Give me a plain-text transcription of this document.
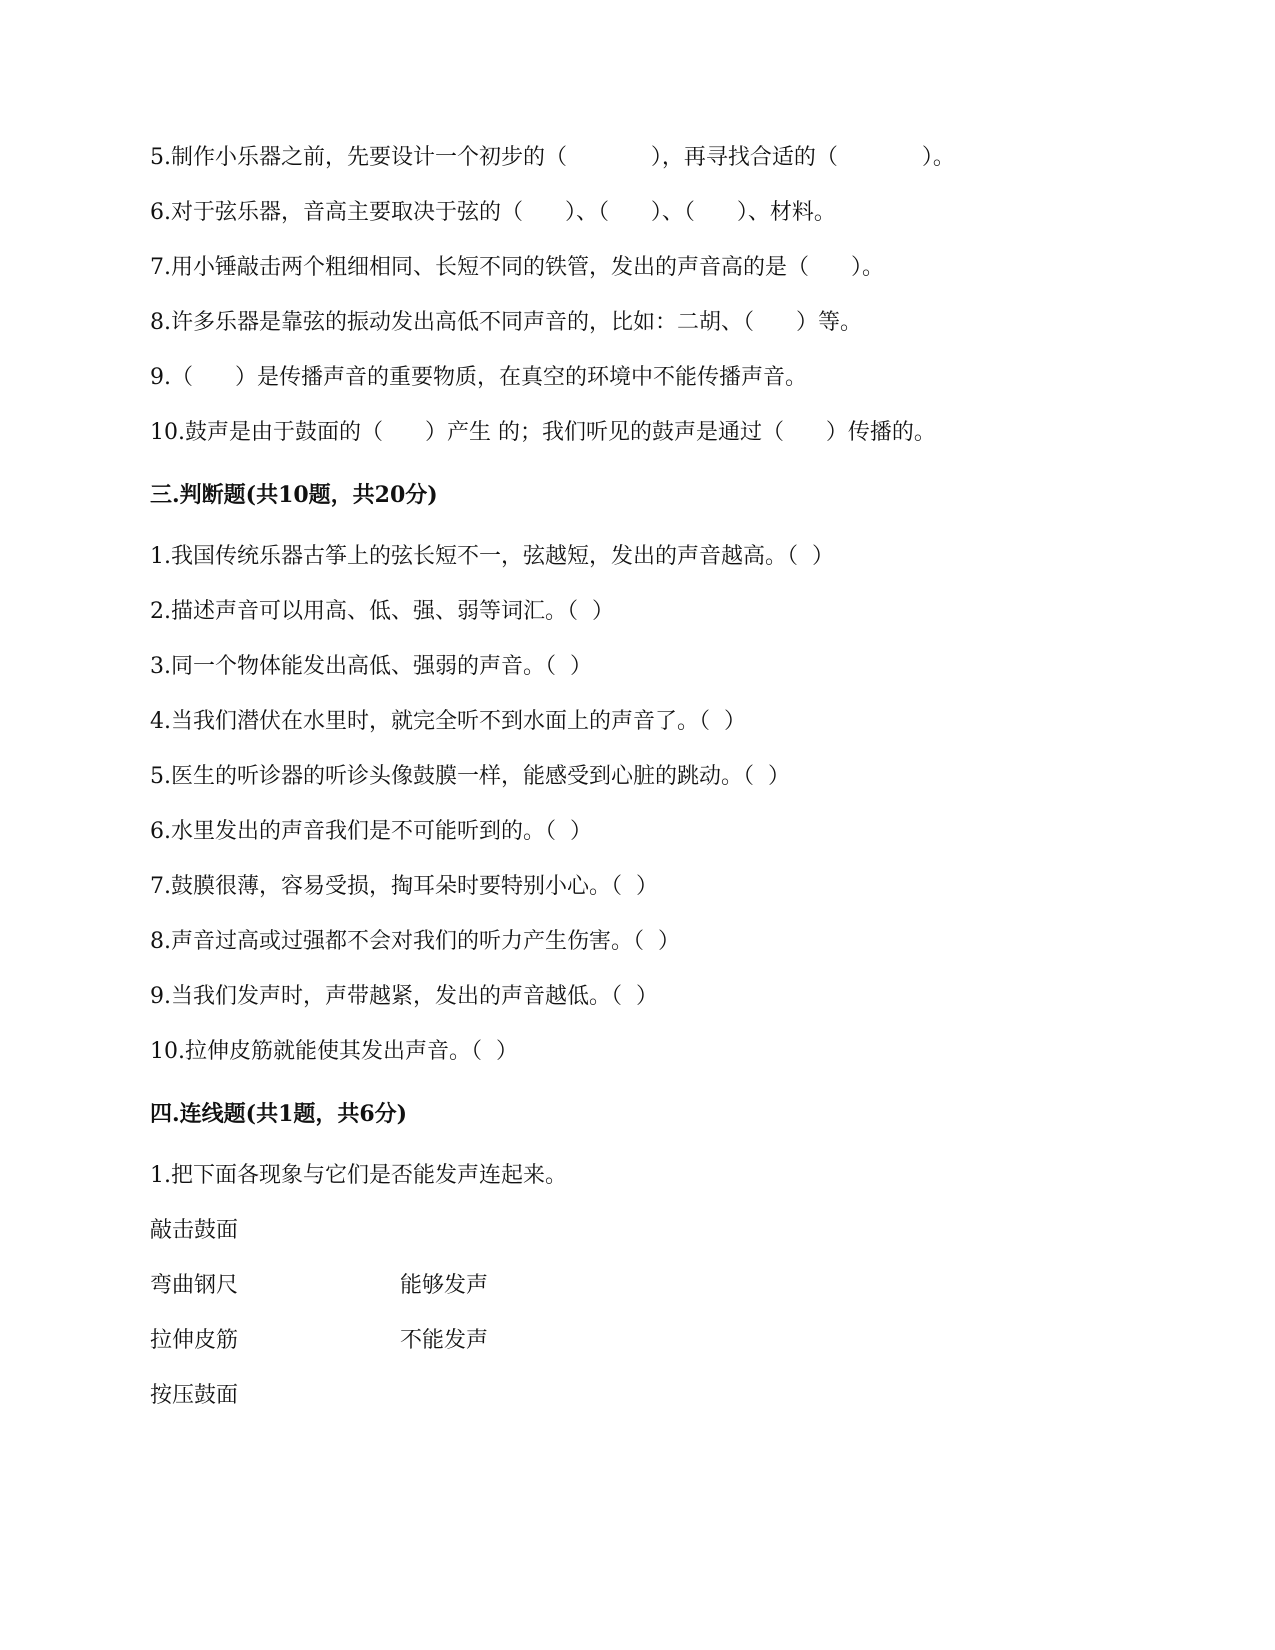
5.制作小乐器之前，先要设计一个初步的（            ），再寻找合适的（            ）。

6.对于弦乐器，音高主要取决于弦的（      ）、（      ）、（      ）、材料。

7.用小锤敲击两个粗细相同、长短不同的铁管，发出的声音高的是（      ）。

8.许多乐器是靠弦的振动发出高低不同声音的，比如：二胡、（      ）等。

9.（      ）是传播声音的重要物质，在真空的环境中不能传播声音。

10.鼓声是由于鼓面的（      ）产生 的；我们听见的鼓声是通过（      ）传播的。

三.判断题(共10题，共20分)

1.我国传统乐器古筝上的弦长短不一，弦越短，发出的声音越高。（  ）

2.描述声音可以用高、低、强、弱等词汇。（  ）

3.同一个物体能发出高低、强弱的声音。（  ）

4.当我们潜伏在水里时，就完全听不到水面上的声音了。（  ）

5.医生的听诊器的听诊头像鼓膜一样，能感受到心脏的跳动。（  ）

6.水里发出的声音我们是不可能听到的。（  ）

7.鼓膜很薄，容易受损，掏耳朵时要特别小心。（  ）

8.声音过高或过强都不会对我们的听力产生伤害。（  ）

9.当我们发声时，声带越紧，发出的声音越低。（  ）

10.拉伸皮筋就能使其发出声音。（  ）

四.连线题(共1题，共6分)

1.把下面各现象与它们是否能发声连起来。

敲击鼓面

弯曲钢尺

拉伸皮筋

按压鼓面

能够发声

不能发声
